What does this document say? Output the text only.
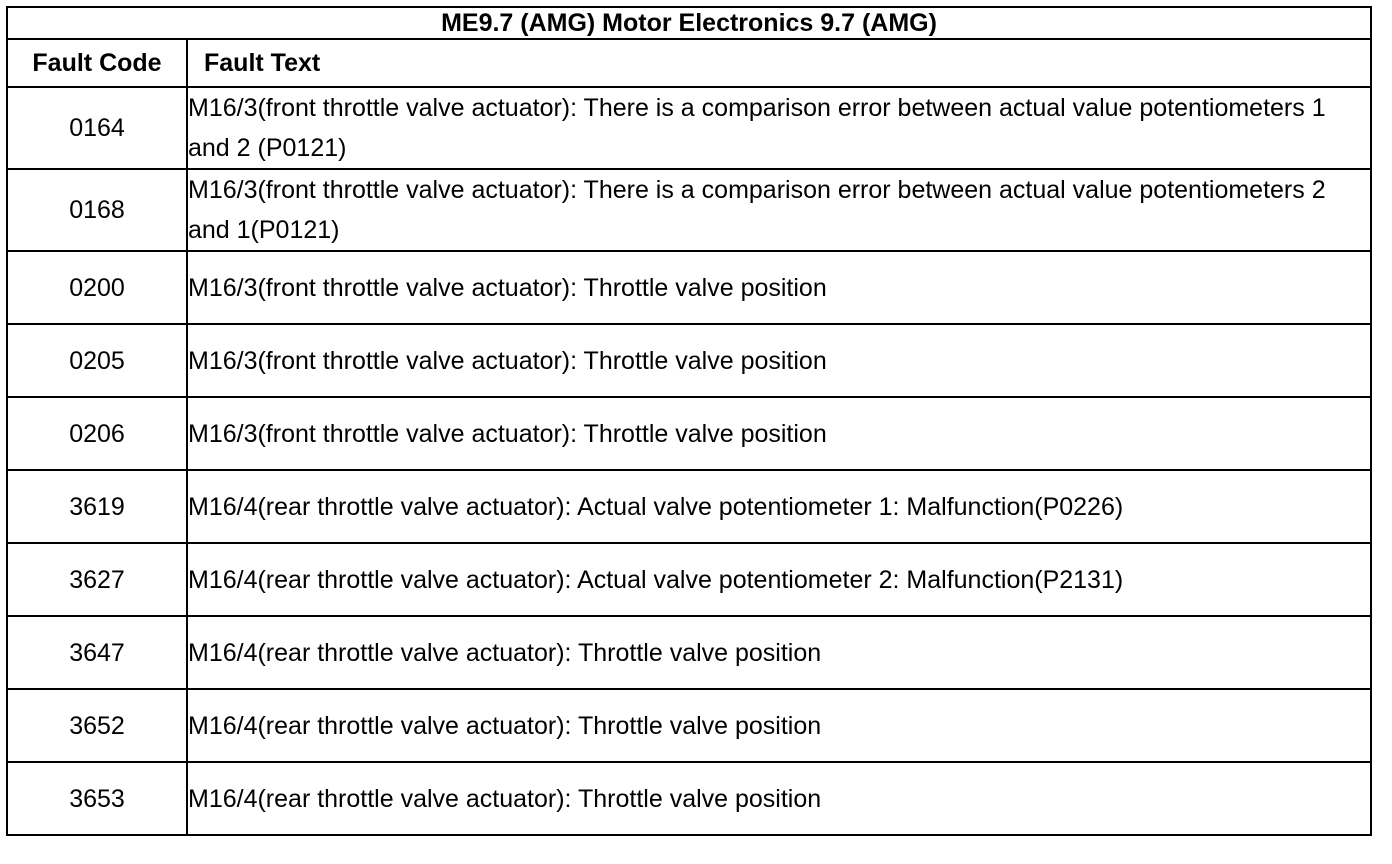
ME9.7 (AMG) Motor Electronics 9.7 (AMG)	
Fault Code	Fault Text
0164	M16/3(front throttle valve actuator): There is a comparison error between actual value potentiometers 1 and 2 (P0121)
0168	M16/3(front throttle valve actuator): There is a comparison error between actual value potentiometers 2 and 1(P0121)
0200	M16/3(front throttle valve actuator): Throttle valve position
0205	M16/3(front throttle valve actuator): Throttle valve position
0206	M16/3(front throttle valve actuator): Throttle valve position
3619	M16/4(rear throttle valve actuator): Actual valve potentiometer 1: Malfunction(P0226)
3627	M16/4(rear throttle valve actuator): Actual valve potentiometer 2: Malfunction(P2131)
3647	M16/4(rear throttle valve actuator): Throttle valve position
3652	M16/4(rear throttle valve actuator): Throttle valve position
3653	M16/4(rear throttle valve actuator): Throttle valve position
